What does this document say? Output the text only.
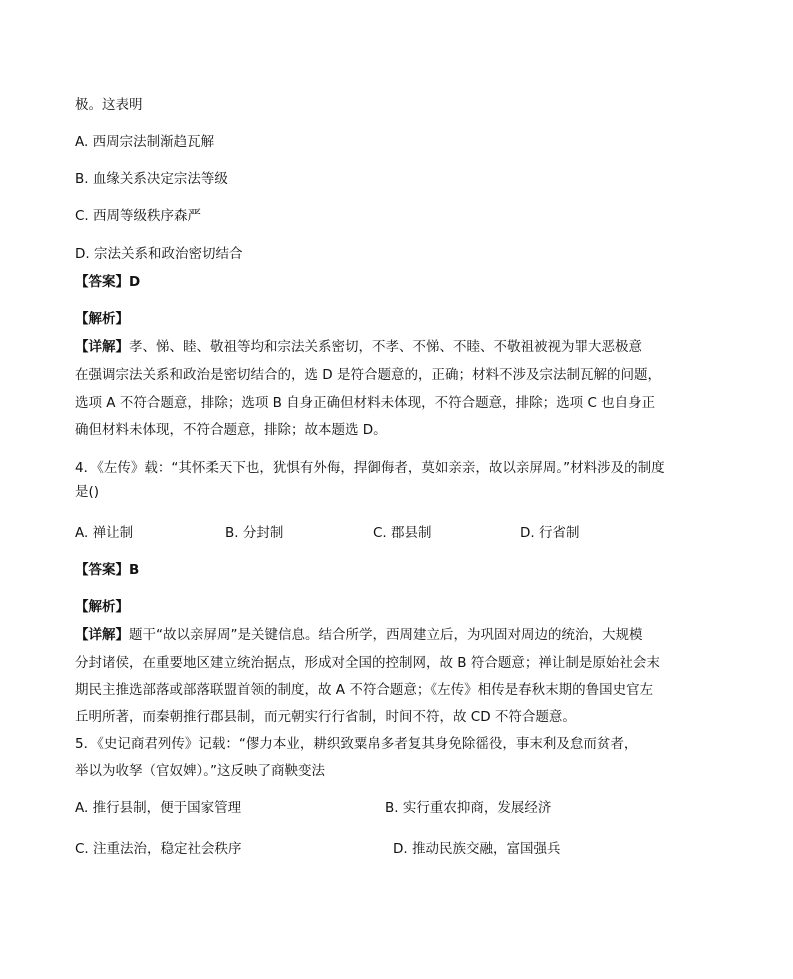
极。这表明
A. 西周宗法制渐趋瓦解
B. 血缘关系决定宗法等级
C. 西周等级秩序森严
D. 宗法关系和政治密切结合
【答案】D
【解析】
【详解】孝、悌、睦、敬祖等均和宗法关系密切，不孝、不悌、不睦、不敬祖被视为罪大恶极意
在强调宗法关系和政治是密切结合的，选 D 是符合题意的，正确；材料不涉及宗法制瓦解的问题，
选项 A 不符合题意，排除；选项 B 自身正确但材料未体现，不符合题意，排除；选项 C 也自身正
确但材料未体现，不符合题意，排除；故本题选 D。
4．《左传》载：“其怀柔天下也，犹惧有外侮，捍御侮者，莫如亲亲，故以亲屏周。”材料涉及的制度
是()
A. 禅让制	B. 分封制	C. 郡县制	D. 行省制
【答案】B
【解析】
【详解】题干“故以亲屏周”是关键信息。结合所学，西周建立后，为巩固对周边的统治，大规模
分封诸侯，在重要地区建立统治据点，形成对全国的控制网，故 B 符合题意；禅让制是原始社会末
期民主推选部落或部落联盟首领的制度，故 A 不符合题意；《左传》相传是春秋末期的鲁国史官左
丘明所著，而秦朝推行郡县制，而元朝实行行省制，时间不符，故 CD 不符合题意。
5．《史记商君列传》记载：“僇力本业，耕织致粟帛多者复其身免除徭役，事末利及怠而贫者，
举以为收孥（官奴婢）。”这反映了商鞅变法
A. 推行县制，便于国家管理	B. 实行重农抑商，发展经济
C. 注重法治，稳定社会秩序	D. 推动民族交融，富国强兵
